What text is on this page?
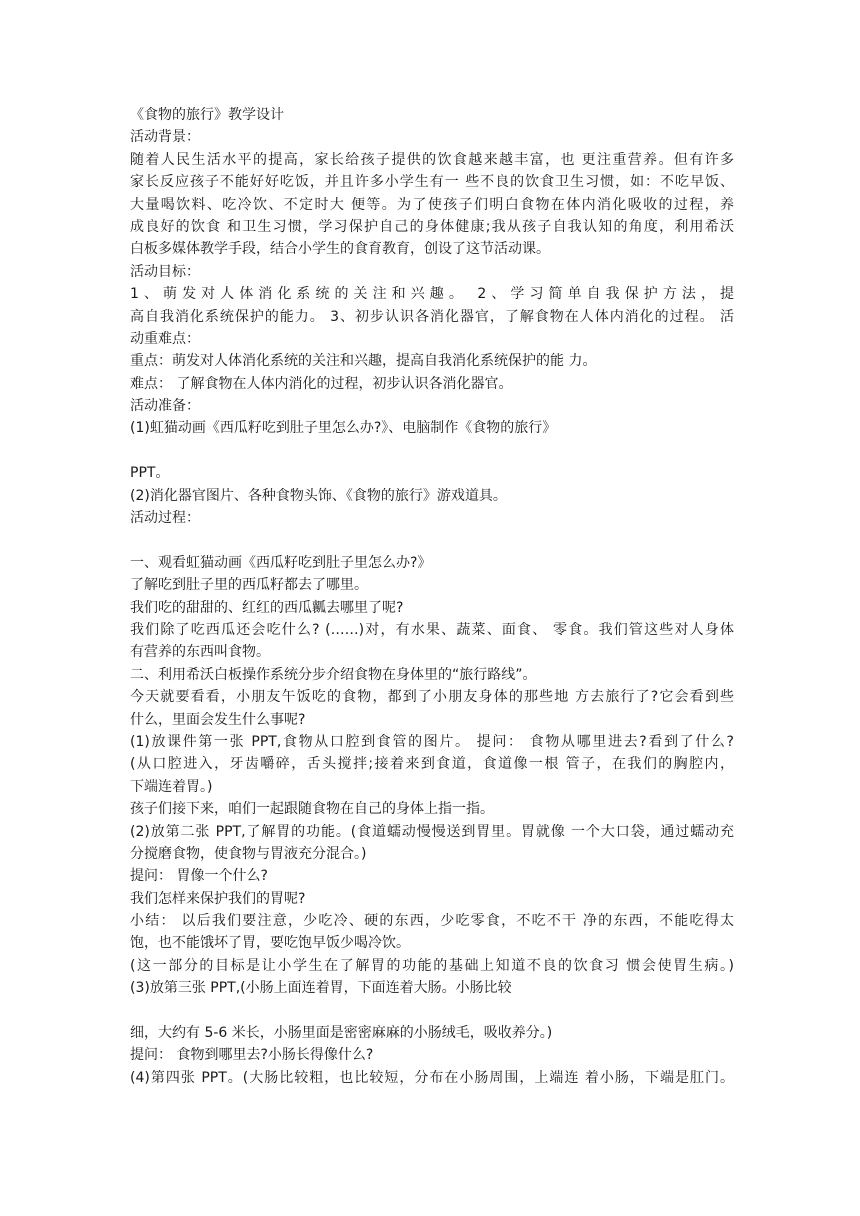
《食物的旅行》教学设计
活动背景：
随着人民生活水平的提高，家长给孩子提供的饮食越来越丰富，也 更注重营养。但有许多
家长反应孩子不能好好吃饭，并且许多小学生有一 些不良的饮食卫生习惯，如：不吃早饭、
大量喝饮料、吃冷饮、不定时大 便等。为了使孩子们明白食物在体内消化吸收的过程，养
成良好的饮食 和卫生习惯，学习保护自己的身体健康;我从孩子自我认知的角度，利用希沃
白板多媒体教学手段，结合小学生的食育教育，创设了这节活动课。
活动目标：
1、萌发对人体消化系统的关注和兴趣。 2、学习简单自我保护方法，提
高自我消化系统保护的能力。 3、初步认识各消化器官，了解食物在人体内消化的过程。 活
动重难点：
重点：萌发对人体消化系统的关注和兴趣，提高自我消化系统保护的能 力。
难点： 了解食物在人体内消化的过程，初步认识各消化器官。
活动准备：
(1)虹猫动画《西瓜籽吃到肚子里怎么办?》、电脑制作《食物的旅行》
PPT。
(2)消化器官图片、各种食物头饰、《食物的旅行》游戏道具。
活动过程：
一、观看虹猫动画《西瓜籽吃到肚子里怎么办?》
了解吃到肚子里的西瓜籽都去了哪里。
我们吃的甜甜的、红红的西瓜瓤去哪里了呢?
我们除了吃西瓜还会吃什么? (……)对，有水果、蔬菜、面食、 零食。我们管这些对人身体
有营养的东西叫食物。
二、利用希沃白板操作系统分步介绍食物在身体里的“旅行路线”。
今天就要看看，小朋友午饭吃的食物，都到了小朋友身体的那些地 方去旅行了?它会看到些
什么，里面会发生什么事呢?
(1)放课件第一张 PPT,食物从口腔到食管的图片。 提问： 食物从哪里进去?看到了什么?
(从口腔进入，牙齿嚼碎，舌头搅拌;接着来到食道，食道像一根 管子，在我们的胸腔内，
下端连着胃。)
孩子们接下来，咱们一起跟随食物在自己的身体上指一指。
(2)放第二张 PPT,了解胃的功能。(食道蠕动慢慢送到胃里。胃就像 一个大口袋，通过蠕动充
分搅磨食物，使食物与胃液充分混合。)
提问： 胃像一个什么?
我们怎样来保护我们的胃呢?
小结： 以后我们要注意，少吃冷、硬的东西，少吃零食，不吃不干 净的东西，不能吃得太
饱，也不能饿坏了胃，要吃饱早饭少喝冷饮。
(这一部分的目标是让小学生在了解胃的功能的基础上知道不良的饮食习 惯会使胃生病。)
(3)放第三张 PPT,(小肠上面连着胃，下面连着大肠。小肠比较
细，大约有 5-6 米长，小肠里面是密密麻麻的小肠绒毛，吸收养分。)
提问： 食物到哪里去?小肠长得像什么?
(4)第四张 PPT。(大肠比较粗，也比较短，分布在小肠周围，上端连 着小肠，下端是肛门。
